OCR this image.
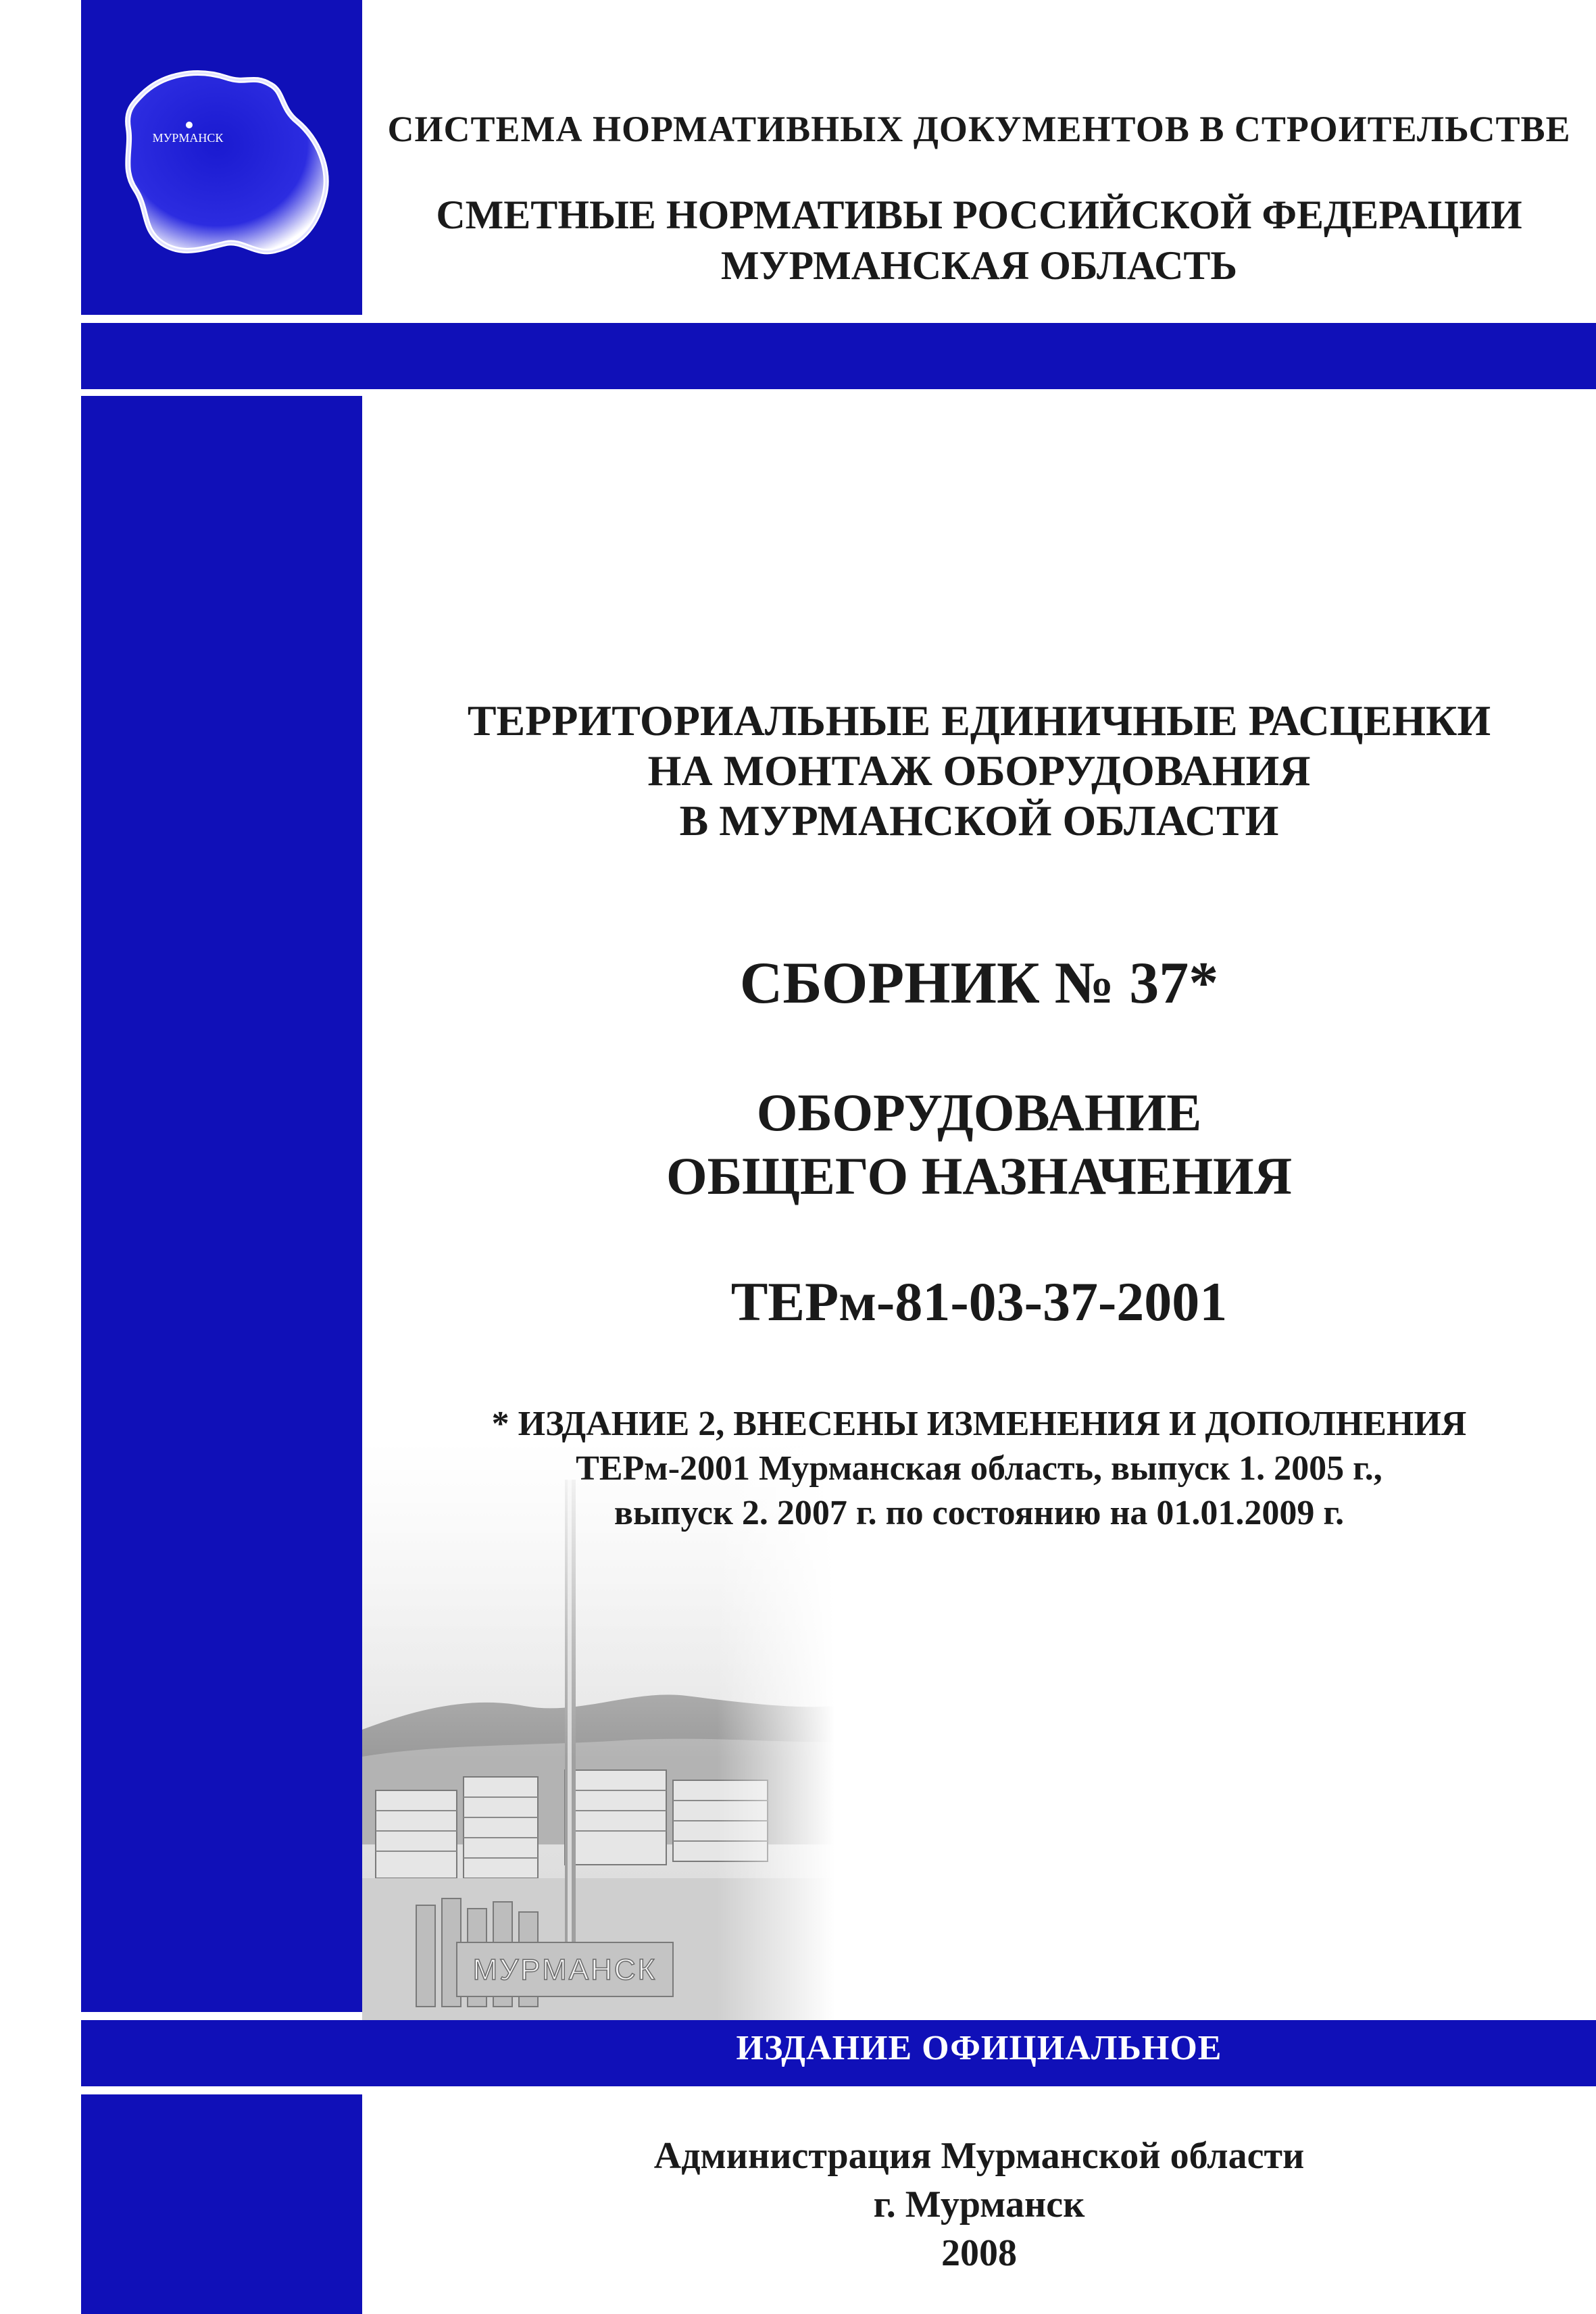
МУРМАНСК	СИСТЕМА НОРМАТИВНЫХ ДОКУМЕНТОВ В СТРОИТЕЛЬСТВЕ
СМЕТНЫЕ НОРМАТИВЫ РОССИЙСКОЙ ФЕДЕРАЦИИ
МУРМАНСКАЯ ОБЛАСТЬ
ТЕРРИТОРИАЛЬНЫЕ ЕДИНИЧНЫЕ РАСЦЕНКИ
НА МОНТАЖ ОБОРУДОВАНИЯ
В МУРМАНСКОЙ ОБЛАСТИ
СБОРНИК № 37*
ОБОРУДОВАНИЕ
ОБЩЕГО НАЗНАЧЕНИЯ
ТЕРм-81-03-37-2001
* ИЗДАНИЕ 2, ВНЕСЕНЫ ИЗМЕНЕНИЯ И ДОПОЛНЕНИЯ
ТЕРм-2001 Мурманская область, выпуск 1. 2005 г.,
выпуск 2. 2007 г. по состоянию на 01.01.2009 г.
ИЗДАНИЕ ОФИЦИАЛЬНОЕ
Администрация Мурманской области
г. Мурманск
2008
